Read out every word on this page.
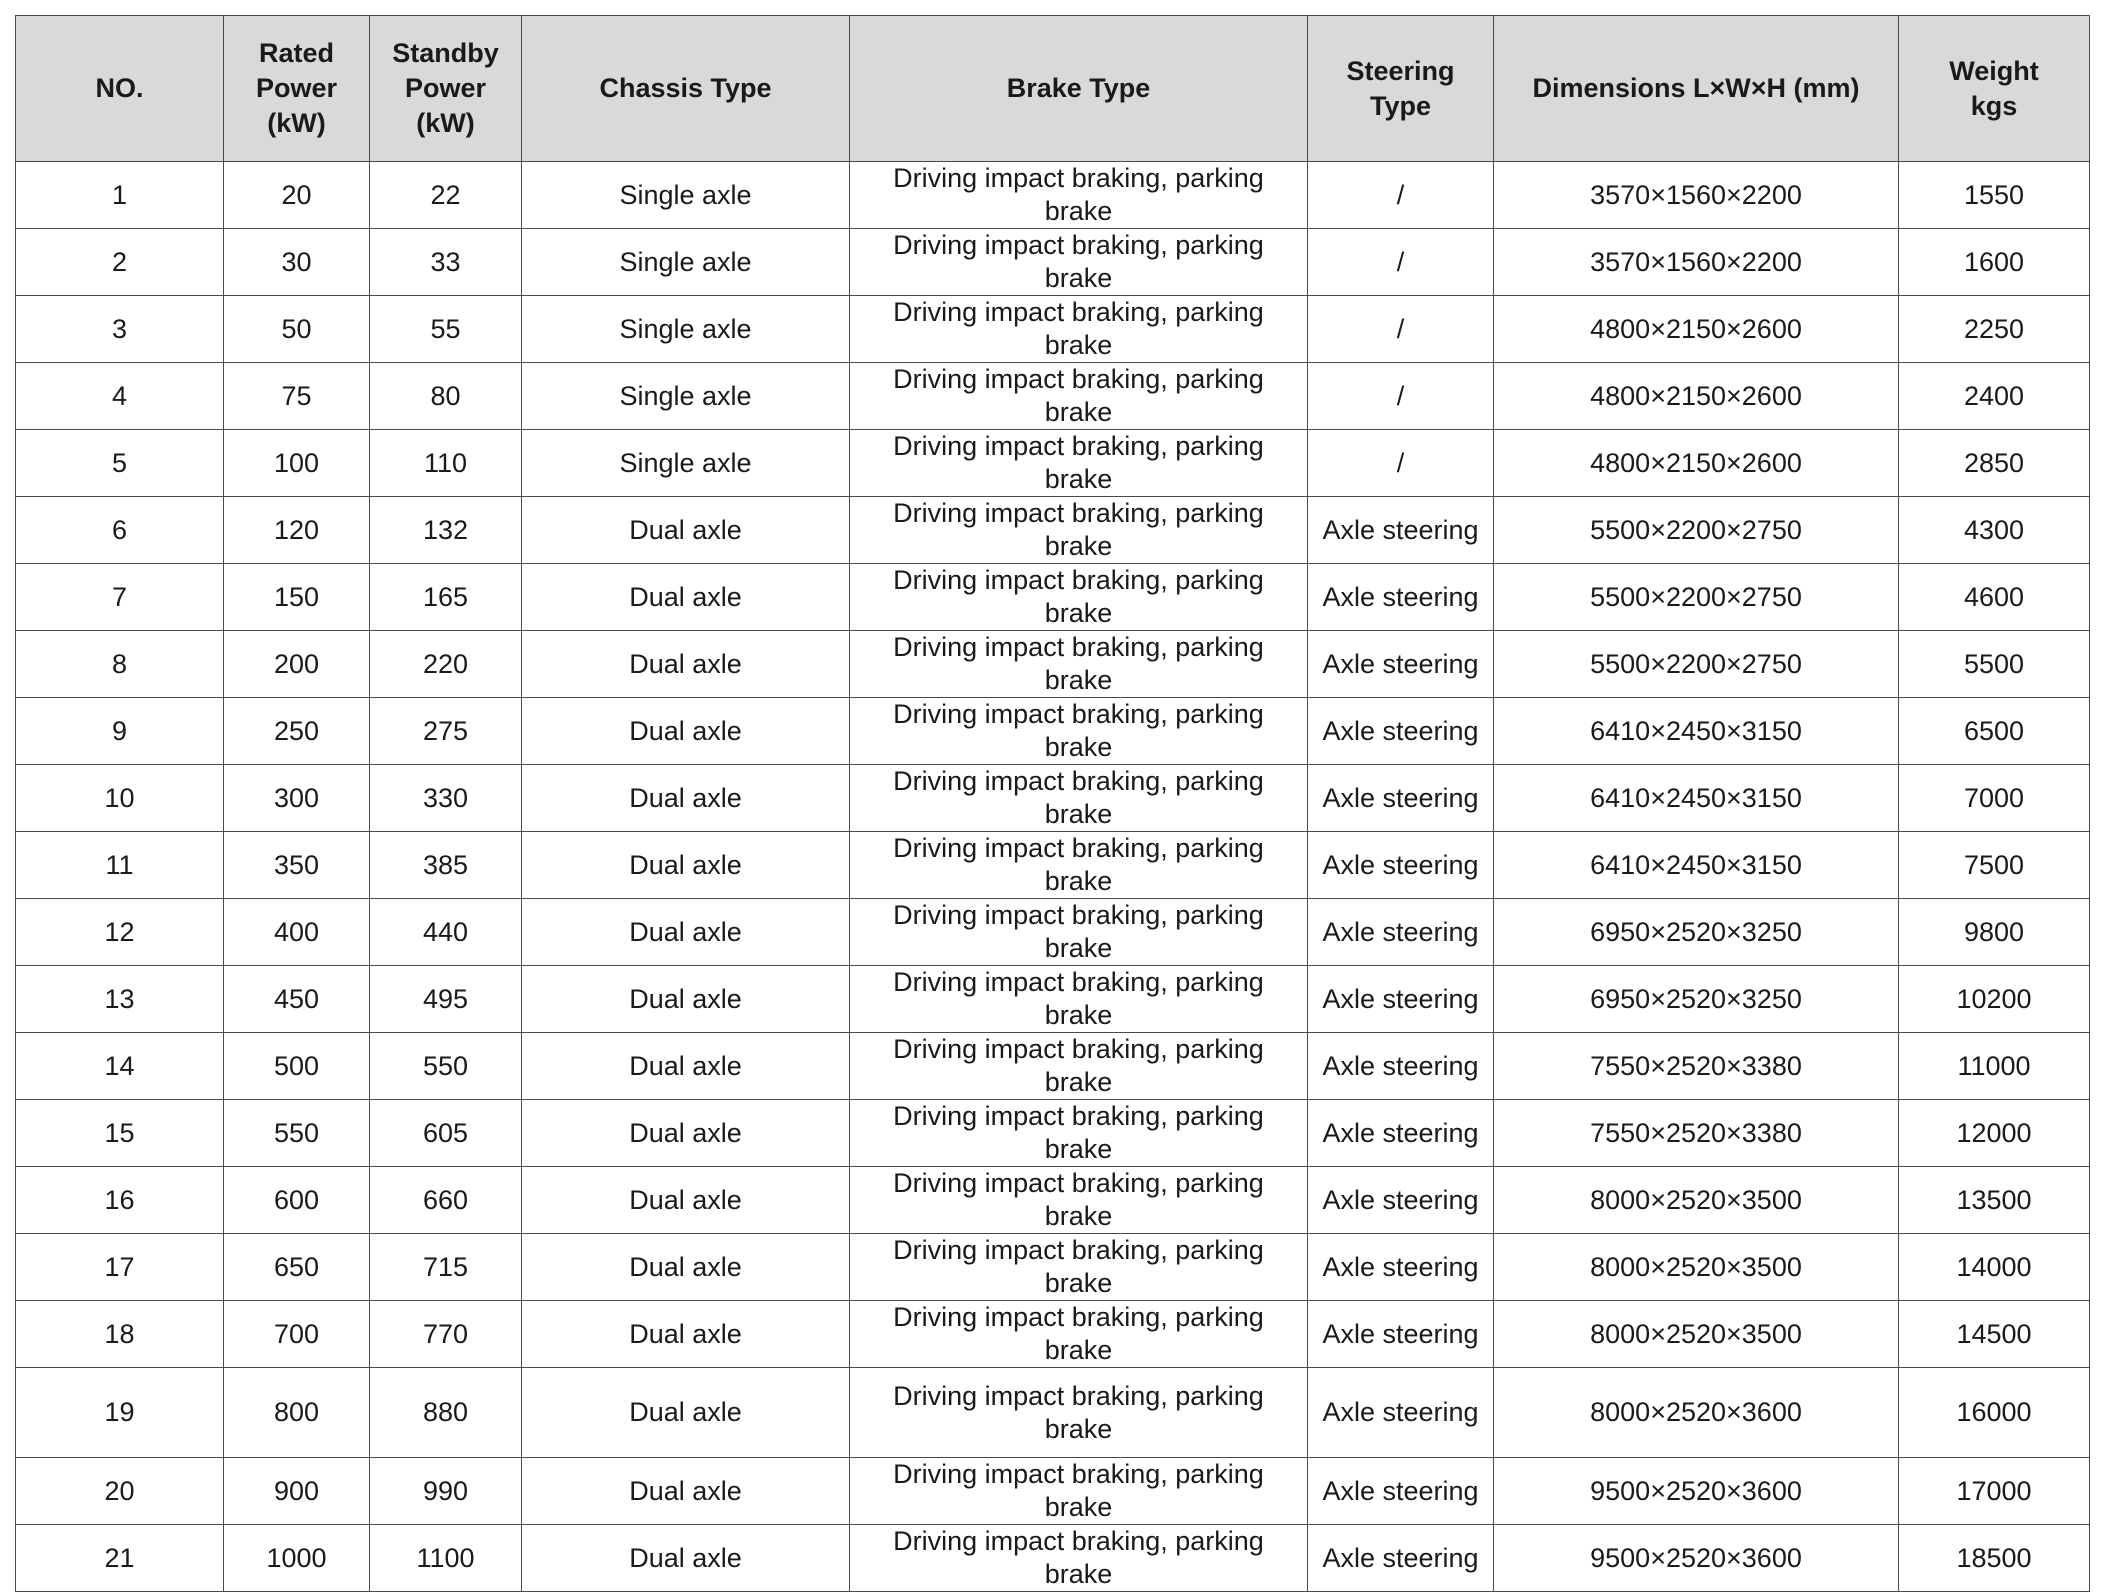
NO.	Rated
Power
(kW)	Standby
Power
(kW)	Chassis Type	Brake Type	Steering
Type	Dimensions L×W×H (mm)	Weight
kgs
1	20	22	Single axle	Driving impact braking, parking
brake	/	3570×1560×2200	1550
2	30	33	Single axle	Driving impact braking, parking
brake	/	3570×1560×2200	1600
3	50	55	Single axle	Driving impact braking, parking
brake	/	4800×2150×2600	2250
4	75	80	Single axle	Driving impact braking, parking
brake	/	4800×2150×2600	2400
5	100	110	Single axle	Driving impact braking, parking
brake	/	4800×2150×2600	2850
6	120	132	Dual axle	Driving impact braking, parking
brake	Axle steering	5500×2200×2750	4300
7	150	165	Dual axle	Driving impact braking, parking
brake	Axle steering	5500×2200×2750	4600
8	200	220	Dual axle	Driving impact braking, parking
brake	Axle steering	5500×2200×2750	5500
9	250	275	Dual axle	Driving impact braking, parking
brake	Axle steering	6410×2450×3150	6500
10	300	330	Dual axle	Driving impact braking, parking
brake	Axle steering	6410×2450×3150	7000
11	350	385	Dual axle	Driving impact braking, parking
brake	Axle steering	6410×2450×3150	7500
12	400	440	Dual axle	Driving impact braking, parking
brake	Axle steering	6950×2520×3250	9800
13	450	495	Dual axle	Driving impact braking, parking
brake	Axle steering	6950×2520×3250	10200
14	500	550	Dual axle	Driving impact braking, parking
brake	Axle steering	7550×2520×3380	11000
15	550	605	Dual axle	Driving impact braking, parking
brake	Axle steering	7550×2520×3380	12000
16	600	660	Dual axle	Driving impact braking, parking
brake	Axle steering	8000×2520×3500	13500
17	650	715	Dual axle	Driving impact braking, parking
brake	Axle steering	8000×2520×3500	14000
18	700	770	Dual axle	Driving impact braking, parking
brake	Axle steering	8000×2520×3500	14500
19	800	880	Dual axle	Driving impact braking, parking
brake	Axle steering	8000×2520×3600	16000
20	900	990	Dual axle	Driving impact braking, parking
brake	Axle steering	9500×2520×3600	17000
21	1000	1100	Dual axle	Driving impact braking, parking
brake	Axle steering	9500×2520×3600	18500
